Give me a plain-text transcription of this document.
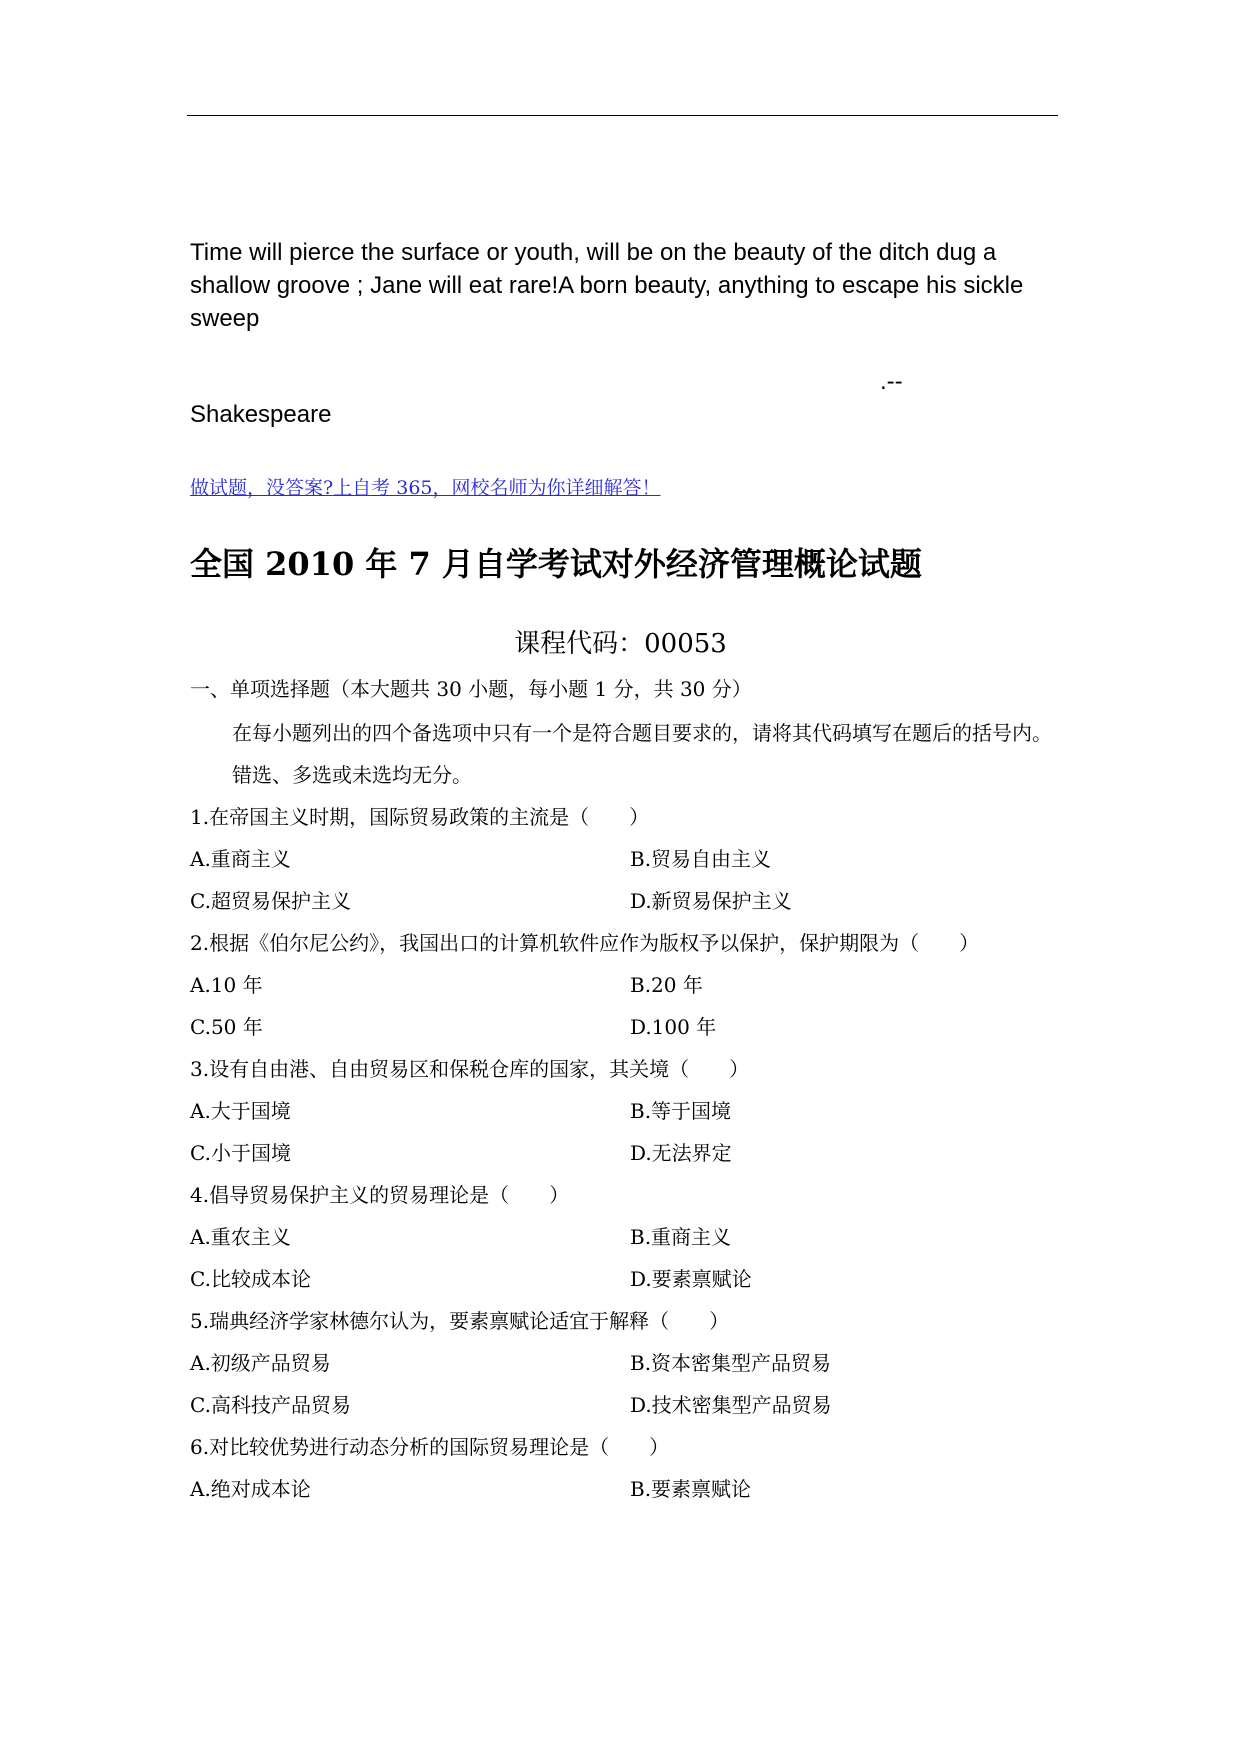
Time will pierce the surface or youth, will be on the beauty of the ditch dug a shallow groove ; Jane will eat rare!A born beauty, anything to escape his sickle sweep
.--
Shakespeare
做试题，没答案?上自考 365，网校名师为你详细解答！
全国 2010 年 7 月自学考试对外经济管理概论试题
课程代码：00053
一、单项选择题（本大题共 30 小题，每小题 1 分，共 30 分）
在每小题列出的四个备选项中只有一个是符合题目要求的，请将其代码填写在题后的括号内。错选、多选或未选均无分。
1.在帝国主义时期，国际贸易政策的主流是（　　）
A.重商主义	B.贸易自由主义
C.超贸易保护主义	D.新贸易保护主义
2.根据《伯尔尼公约》，我国出口的计算机软件应作为版权予以保护，保护期限为（　　）
A.10 年	B.20 年
C.50 年	D.100 年
3.设有自由港、自由贸易区和保税仓库的国家，其关境（　　）
A.大于国境	B.等于国境
C.小于国境	D.无法界定
4.倡导贸易保护主义的贸易理论是（　　）
A.重农主义	B.重商主义
C.比较成本论	D.要素禀赋论
5.瑞典经济学家林德尔认为，要素禀赋论适宜于解释（　　）
A.初级产品贸易	B.资本密集型产品贸易
C.高科技产品贸易	D.技术密集型产品贸易
6.对比较优势进行动态分析的国际贸易理论是（　　）
A.绝对成本论	B.要素禀赋论
